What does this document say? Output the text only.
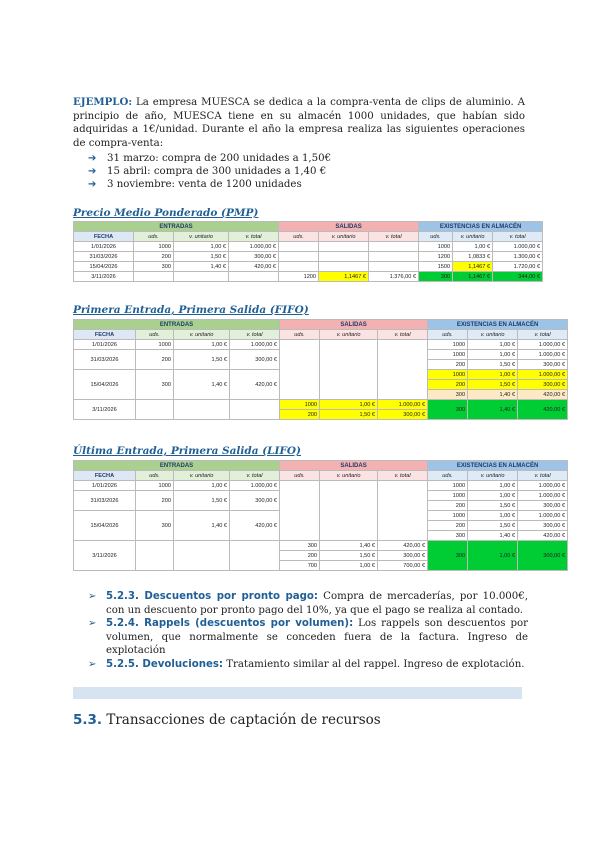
EJEMPLO: La empresa MUESCA se dedica a la compra-venta de clips de aluminio. A principio de año, MUESCA tiene en su almacén 1000 unidades, que habían sido adquiridas a 1€/unidad. Durante el año la empresa realiza las siguientes operaciones de compra-venta:
➔ 31 marzo: compra de 200 unidades a 1,50€
➔ 15 abril: compra de 300 unidades a 1,40 €
➔ 3 noviembre: venta de 1200 unidades
Precio Medio Ponderado (PMP)
ENTRADAS				SALIDAS			EXISTENCIAS EN ALMACÉN		
FECHA	uds.	v. unitario	v. total	uds.	v. unitario	v. total	uds.	v. unitario	v. total
1/01/2026	1000	1,00 €	1.000,00 €				1000	1,00 €	1.000,00 €
31/03/2026	200	1,50 €	300,00 €				1200	1,0833 €	1.300,00 €
15/04/2026	300	1,40 €	420,00 €				1500	1,1467 €	1.720,00 €
3/11/2026				1200	1,1467 €	1.376,00 €	300	1,1467 €	344,00 €
Primera Entrada, Primera Salida (FIFO)
ENTRADAS				SALIDAS			EXISTENCIAS EN ALMACÉN		
FECHA	uds.	v. unitario	v. total	uds.	v. unitario	v. total	uds.	v. unitario	v. total
1/01/2026	1000	1,00 €	1.000,00 €				1000	1,00 €	1.000,00 €
31/03/2026	200	1,50 €	300,00 €				1000	1,00 €	1.000,00 €
							200	1,50 €	300,00 €
15/04/2026	300	1,40 €	420,00 €				1000	1,00 €	1.000,00 €
							200	1,50 €	300,00 €
							300	1,40 €	420,00 €
3/11/2026				1000	1,00 €	1.000,00 €	300	1,40 €	420,00 €
				200	1,50 €	300,00 €			
Última Entrada, Primera Salida (LIFO)
ENTRADAS				SALIDAS			EXISTENCIAS EN ALMACÉN		
FECHA	uds.	v. unitario	v. total	uds.	v. unitario	v. total	uds.	v. unitario	v. total
1/01/2026	1000	1,00 €	1.000,00 €				1000	1,00 €	1.000,00 €
31/03/2026	200	1,50 €	300,00 €				1000	1,00 €	1.000,00 €
							200	1,50 €	300,00 €
15/04/2026	300	1,40 €	420,00 €				1000	1,00 €	1.000,00 €
							200	1,50 €	300,00 €
							300	1,40 €	420,00 €
3/11/2026				300	1,40 €	420,00 €	300	1,00 €	300,00 €
				200	1,50 €	300,00 €			
				700	1,00 €	700,00 €			
➢ 5.2.3. Descuentos por pronto pago: Compra de mercaderías, por 10.000€, con un descuento por pronto pago del 10%, ya que el pago se realiza al contado.
➢ 5.2.4. Rappels (descuentos por volumen): Los rappels son descuentos por volumen, que normalmente se conceden fuera de la factura. Ingreso de explotación
➢ 5.2.5. Devoluciones: Tratamiento similar al del rappel. Ingreso de explotación.
5.3. Transacciones de captación de recursos
